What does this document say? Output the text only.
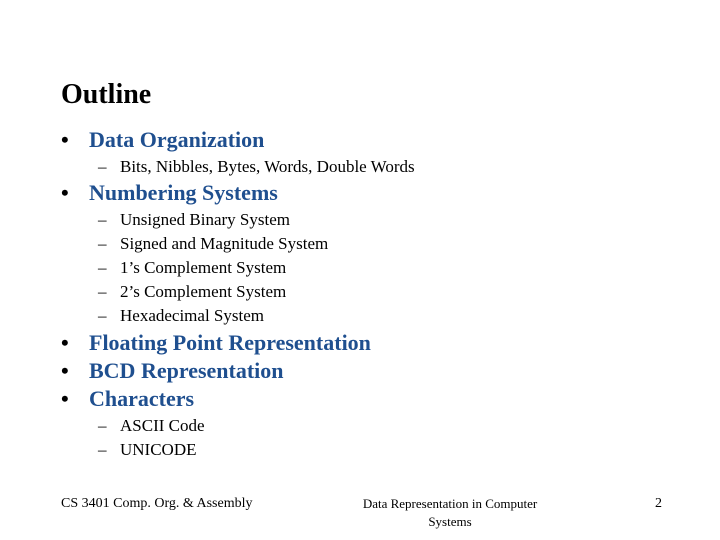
Outline
• Data Organization
– Bits, Nibbles, Bytes, Words, Double Words
• Numbering Systems
– Unsigned Binary System
– Signed and Magnitude System
– 1’s Complement System
– 2’s Complement System
– Hexadecimal System
• Floating Point Representation
• BCD Representation
• Characters
– ASCII Code
– UNICODE
CS 3401 Comp. Org. & Assembly	Data Representation in Computer
Systems
2
